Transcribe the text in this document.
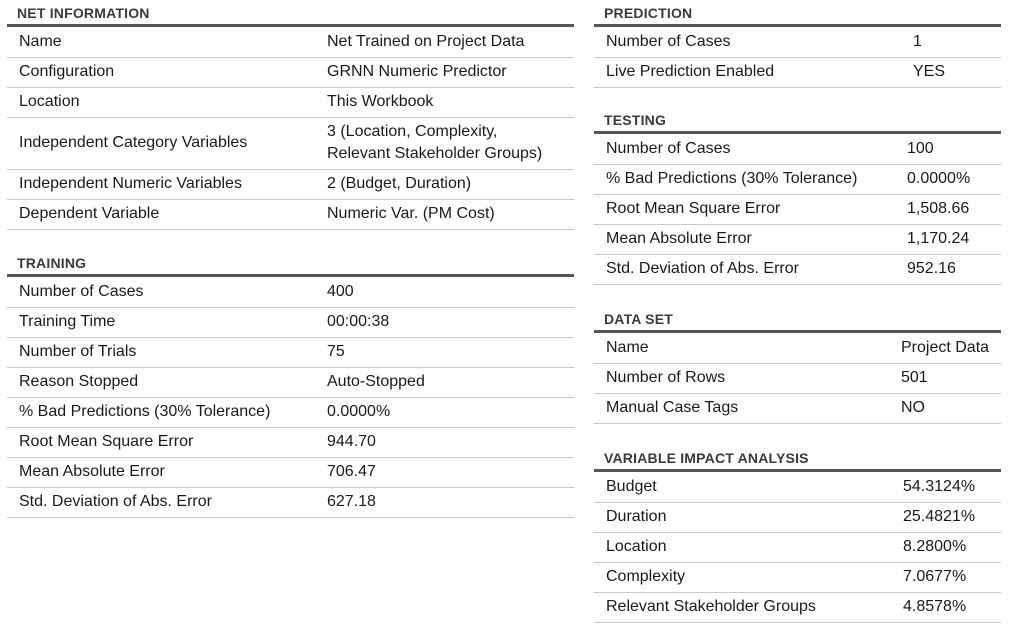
NET INFORMATION
Name	Net Trained on Project Data
Configuration	GRNN Numeric Predictor
Location	This Workbook
Independent Category Variables	3 (Location, Complexity,
Relevant Stakeholder Groups)

Independent Numeric Variables	2 (Budget, Duration)
Dependent Variable	Numeric Var. (PM Cost)
TRAINING
Number of Cases	400
Training Time	00:00:38
Number of Trials	75
Reason Stopped	Auto-Stopped
% Bad Predictions (30% Tolerance)	0.0000%
Root Mean Square Error	944.70
Mean Absolute Error	706.47
Std. Deviation of Abs. Error	627.18
PREDICTION
Number of Cases	1
Live Prediction Enabled	YES
TESTING
Number of Cases	100
% Bad Predictions (30% Tolerance)	0.0000%
Root Mean Square Error	1,508.66
Mean Absolute Error	1,170.24
Std. Deviation of Abs. Error	952.16
DATA SET
Name	Project Data
Number of Rows	501
Manual Case Tags	NO
VARIABLE IMPACT ANALYSIS
Budget	54.3124%
Duration	25.4821%
Location	8.2800%
Complexity	7.0677%
Relevant Stakeholder Groups	4.8578%
